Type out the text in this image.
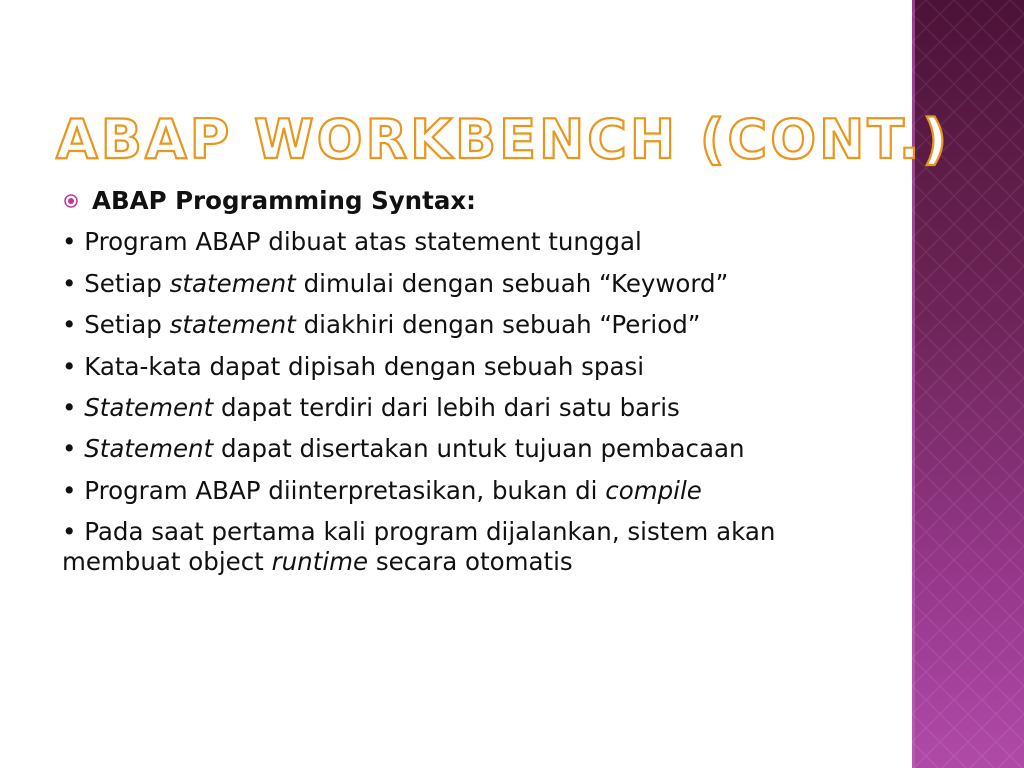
ABAP WORKBENCH (CONT.)
ABAP Programming Syntax:
• Program ABAP dibuat atas statement tunggal
• Setiap statement dimulai dengan sebuah “Keyword”
• Setiap statement diakhiri dengan sebuah “Period”
• Kata-kata dapat dipisah dengan sebuah spasi
• Statement dapat terdiri dari lebih dari satu baris
• Statement dapat disertakan untuk tujuan pembacaan
• Program ABAP diinterpretasikan, bukan di compile
• Pada saat pertama kali program dijalankan, sistem akan membuat object runtime secara otomatis
